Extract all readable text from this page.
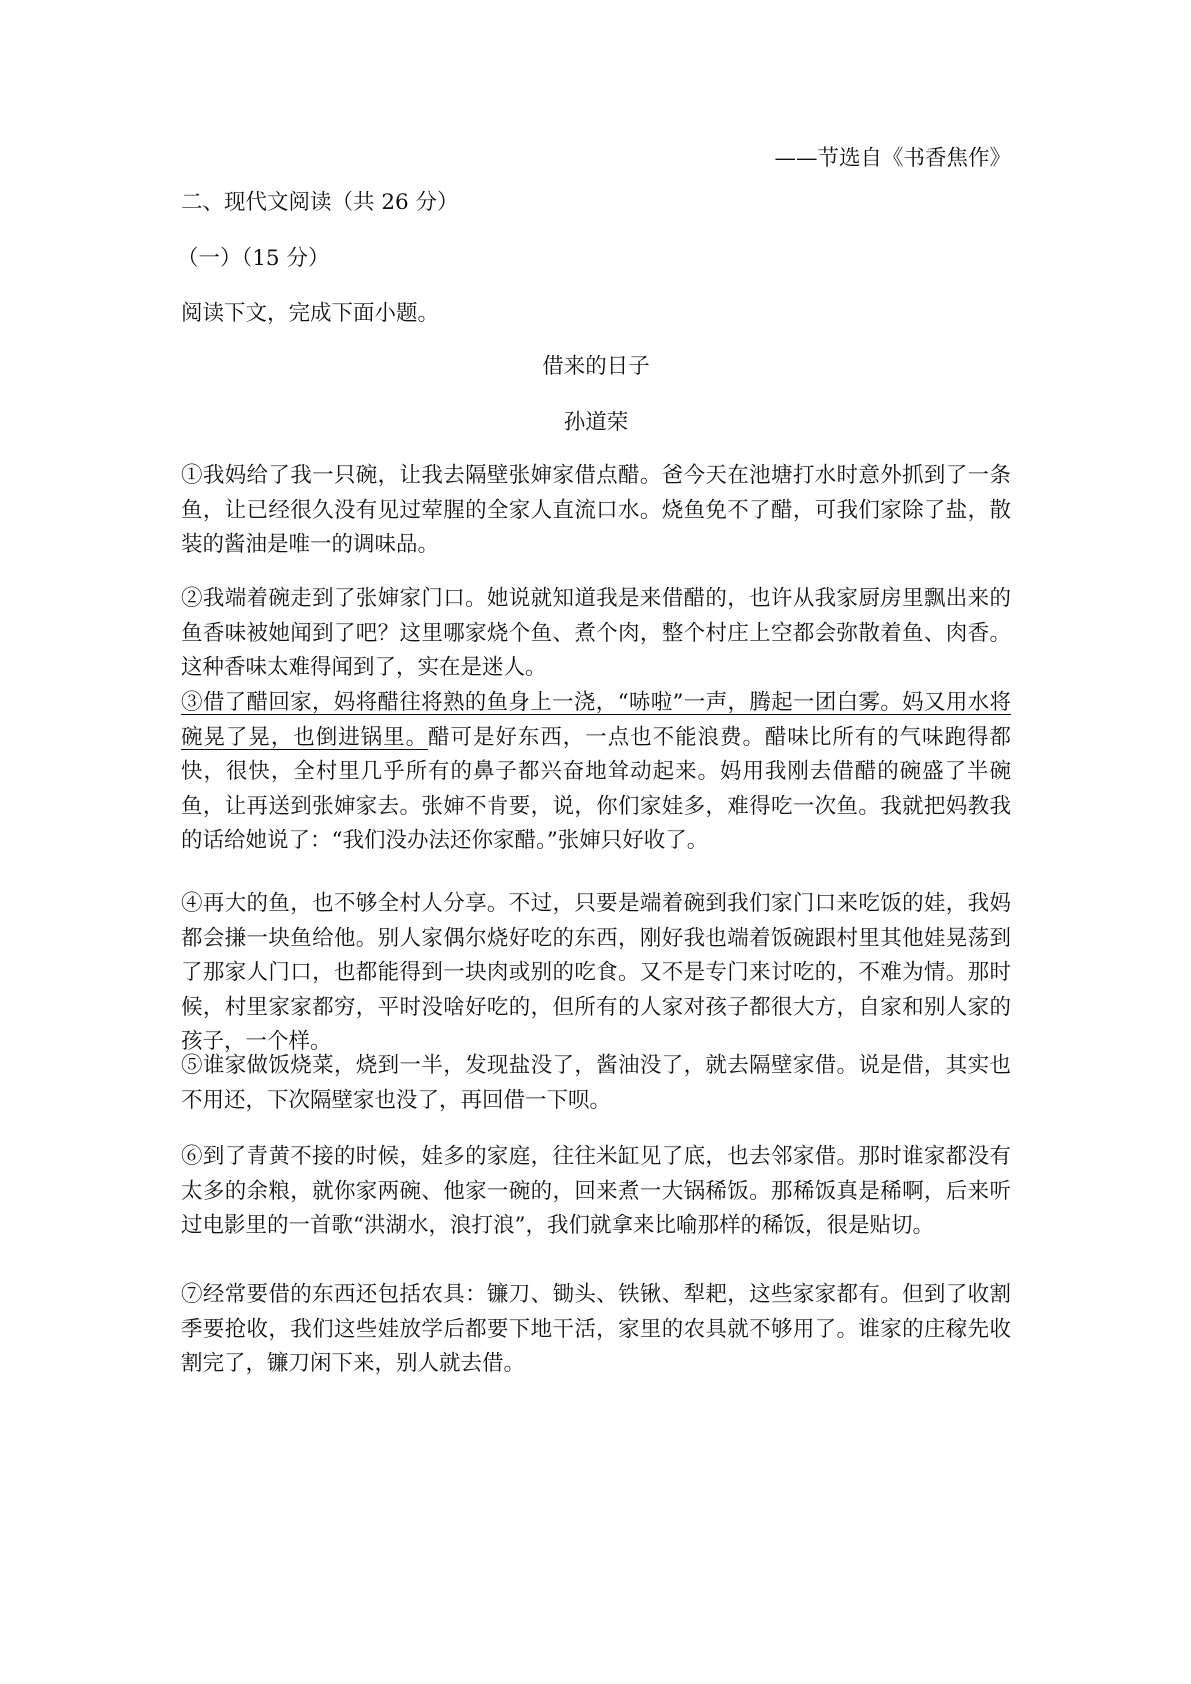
——节选自《书香焦作》
二、现代文阅读（共 26 分）
（一）（15 分）
阅读下文，完成下面小题。
借来的日子
孙道荣
①我妈给了我一只碗，让我去隔壁张婶家借点醋。爸今天在池塘打水时意外抓到了一条鱼，让已经很久没有见过荤腥的全家人直流口水。烧鱼免不了醋，可我们家除了盐，散装的酱油是唯一的调味品。
②我端着碗走到了张婶家门口。她说就知道我是来借醋的，也许从我家厨房里飘出来的鱼香味被她闻到了吧？这里哪家烧个鱼、煮个肉，整个村庄上空都会弥散着鱼、肉香。这种香味太难得闻到了，实在是迷人。
③借了醋回家，妈将醋往将熟的鱼身上一浇，“哧啦”一声，腾起一团白雾。妈又用水将碗晃了晃，也倒进锅里。醋可是好东西，一点也不能浪费。醋味比所有的气味跑得都快，很快，全村里几乎所有的鼻子都兴奋地耸动起来。妈用我刚去借醋的碗盛了半碗鱼，让再送到张婶家去。张婶不肯要，说，你们家娃多，难得吃一次鱼。我就把妈教我的话给她说了：“我们没办法还你家醋。”张婶只好收了。
④再大的鱼，也不够全村人分享。不过，只要是端着碗到我们家门口来吃饭的娃，我妈都会搛一块鱼给他。别人家偶尔烧好吃的东西，刚好我也端着饭碗跟村里其他娃晃荡到了那家人门口，也都能得到一块肉或别的吃食。又不是专门来讨吃的，不难为情。那时候，村里家家都穷，平时没啥好吃的，但所有的人家对孩子都很大方，自家和别人家的孩子，一个样。
⑤谁家做饭烧菜，烧到一半，发现盐没了，酱油没了，就去隔壁家借。说是借，其实也不用还，下次隔壁家也没了，再回借一下呗。
⑥到了青黄不接的时候，娃多的家庭，往往米缸见了底，也去邻家借。那时谁家都没有太多的余粮，就你家两碗、他家一碗的，回来煮一大锅稀饭。那稀饭真是稀啊，后来听过电影里的一首歌“洪湖水，浪打浪”，我们就拿来比喻那样的稀饭，很是贴切。
⑦经常要借的东西还包括农具：镰刀、锄头、铁锹、犁耙，这些家家都有。但到了收割季要抢收，我们这些娃放学后都要下地干活，家里的农具就不够用了。谁家的庄稼先收割完了，镰刀闲下来，别人就去借。
